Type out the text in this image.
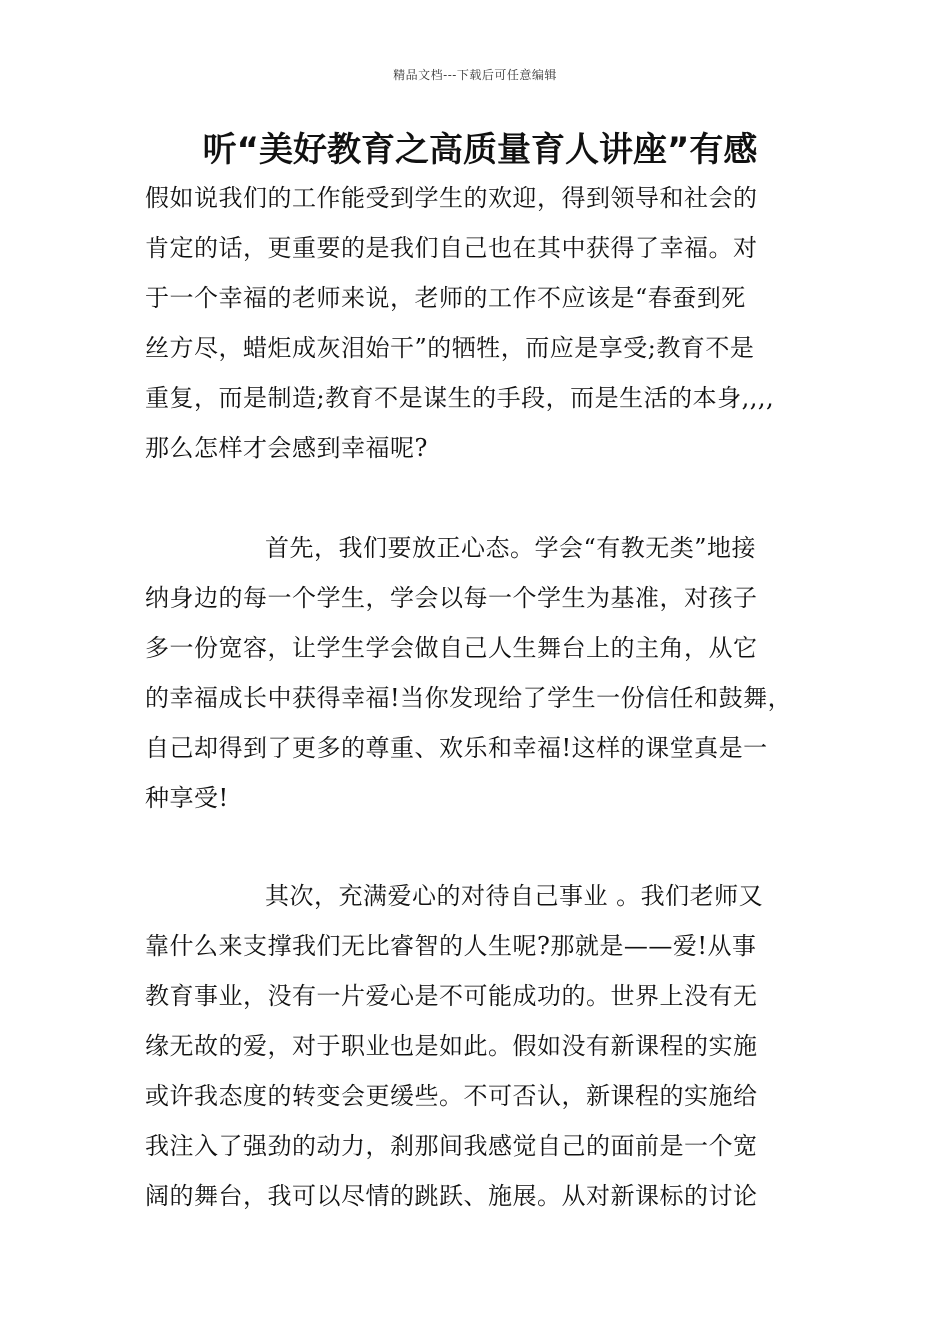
精品文档---下载后可任意编辑
听“美好教育之高质量育人讲座”有感
假如说我们的工作能受到学生的欢迎，得到领导和社会的
肯定的话，更重要的是我们自己也在其中获得了幸福。对
于一个幸福的老师来说，老师的工作不应该是“春蚕到死
丝方尽，蜡炬成灰泪始干”的牺牲，而应是享受;教育不是
重复，而是制造;教育不是谋生的手段，而是生活的本身,,,,
那么怎样才会感到幸福呢?
首先，我们要放正心态。学会“有教无类”地接
纳身边的每一个学生，学会以每一个学生为基准，对孩子
多一份宽容，让学生学会做自己人生舞台上的主角，从它
的幸福成长中获得幸福!当你发现给了学生一份信任和鼓舞，
自己却得到了更多的尊重、欢乐和幸福!这样的课堂真是一
种享受!
其次，充满爱心的对待自己事业 。我们老师又
靠什么来支撑我们无比睿智的人生呢?那就是——爱!从事
教育事业，没有一片爱心是不可能成功的。世界上没有无
缘无故的爱，对于职业也是如此。假如没有新课程的实施
或许我态度的转变会更缓些。不可否认，新课程的实施给
我注入了强劲的动力，刹那间我感觉自己的面前是一个宽
阔的舞台，我可以尽情的跳跃、施展。从对新课标的讨论
